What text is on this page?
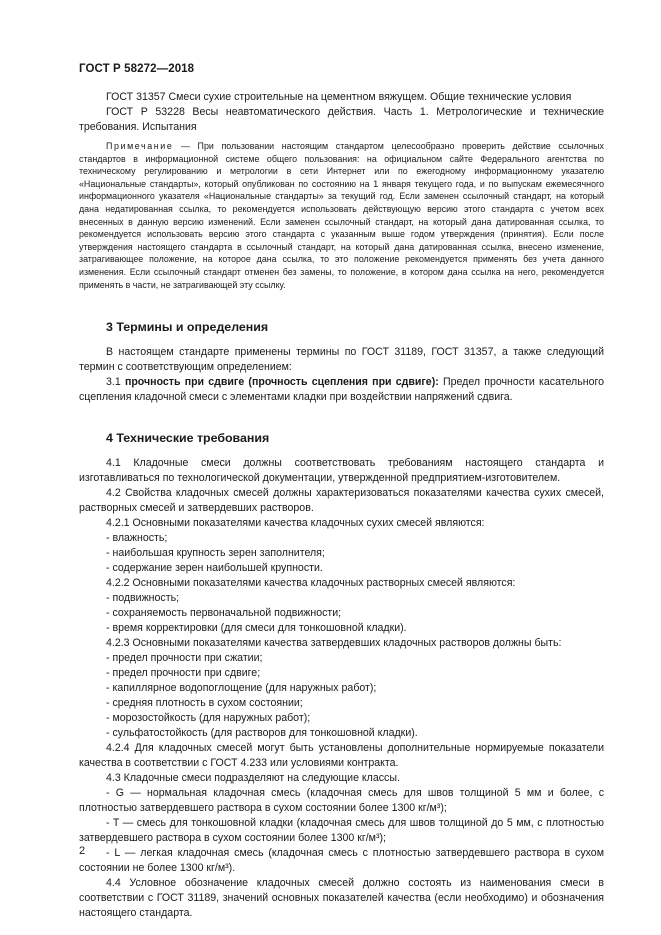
ГОСТ Р 58272—2018

ГОСТ 31357 Смеси сухие строительные на цементном вяжущем. Общие технические условия

ГОСТ Р 53228 Весы неавтоматического действия. Часть 1. Метрологические и технические требования. Испытания

Примечание — При пользовании настоящим стандартом целесообразно проверить действие ссылочных стандартов в информационной системе общего пользования: на официальном сайте Федерального агентства по техническому регулированию и метрологии в сети Интернет или по ежегодному информационному указателю «Национальные стандарты», который опубликован по состоянию на 1 января текущего года, и по выпускам ежемесячного информационного указателя «Национальные стандарты» за текущий год. Если заменен ссылочный стандарт, на который дана недатированная ссылка, то рекомендуется использовать действующую версию этого стандарта с учетом всех внесенных в данную версию изменений. Если заменен ссылочный стандарт, на который дана датированная ссылка, то рекомендуется использовать версию этого стандарта с указанным выше годом утверждения (принятия). Если после утверждения настоящего стандарта в ссылочный стандарт, на который дана датированная ссылка, внесено изменение, затрагивающее положение, на которое дана ссылка, то это положение рекомендуется применять без учета данного изменения. Если ссылочный стандарт отменен без замены, то положение, в котором дана ссылка на него, рекомендуется применять в части, не затрагивающей эту ссылку.

3 Термины и определения

В настоящем стандарте применены термины по ГОСТ 31189, ГОСТ 31357, а также следующий термин с соответствующим определением:

3.1 прочность при сдвиге (прочность сцепления при сдвиге): Предел прочности касательного сцепления кладочной смеси с элементами кладки при воздействии напряжений сдвига.

4 Технические требования

4.1 Кладочные смеси должны соответствовать требованиям настоящего стандарта и изготавливаться по технологической документации, утвержденной предприятием-изготовителем.

4.2 Свойства кладочных смесей должны характеризоваться показателями качества сухих смесей, растворных смесей и затвердевших растворов.

4.2.1 Основными показателями качества кладочных сухих смесей являются:

- влажность;

- наибольшая крупность зерен заполнителя;

- содержание зерен наибольшей крупности.

4.2.2 Основными показателями качества кладочных растворных смесей являются:

- подвижность;

- сохраняемость первоначальной подвижности;

- время корректировки (для смеси для тонкошовной кладки).

4.2.3 Основными показателями качества затвердевших кладочных растворов должны быть:

- предел прочности при сжатии;

- предел прочности при сдвиге;

- капиллярное водопоглощение (для наружных работ);

- средняя плотность в сухом состоянии;

- морозостойкость (для наружных работ);

- сульфатостойкость (для растворов для тонкошовной кладки).

4.2.4 Для кладочных смесей могут быть установлены дополнительные нормируемые показатели качества в соответствии с ГОСТ 4.233 или условиями контракта.

4.3 Кладочные смеси подразделяют на следующие классы.

- G — нормальная кладочная смесь (кладочная смесь для швов толщиной 5 мм и более, с плотностью затвердевшего раствора в сухом состоянии более 1300 кг/м³);

- T — смесь для тонкошовной кладки (кладочная смесь для швов толщиной до 5 мм, с плотностью затвердевшего раствора в сухом состоянии более 1300 кг/м³);

- L — легкая кладочная смесь (кладочная смесь с плотностью затвердевшего раствора в сухом состоянии не более 1300 кг/м³).

4.4 Условное обозначение кладочных смесей должно состоять из наименования смеси в соответствии с ГОСТ 31189, значений основных показателей качества (если необходимо) и обозначения настоящего стандарта.

2
